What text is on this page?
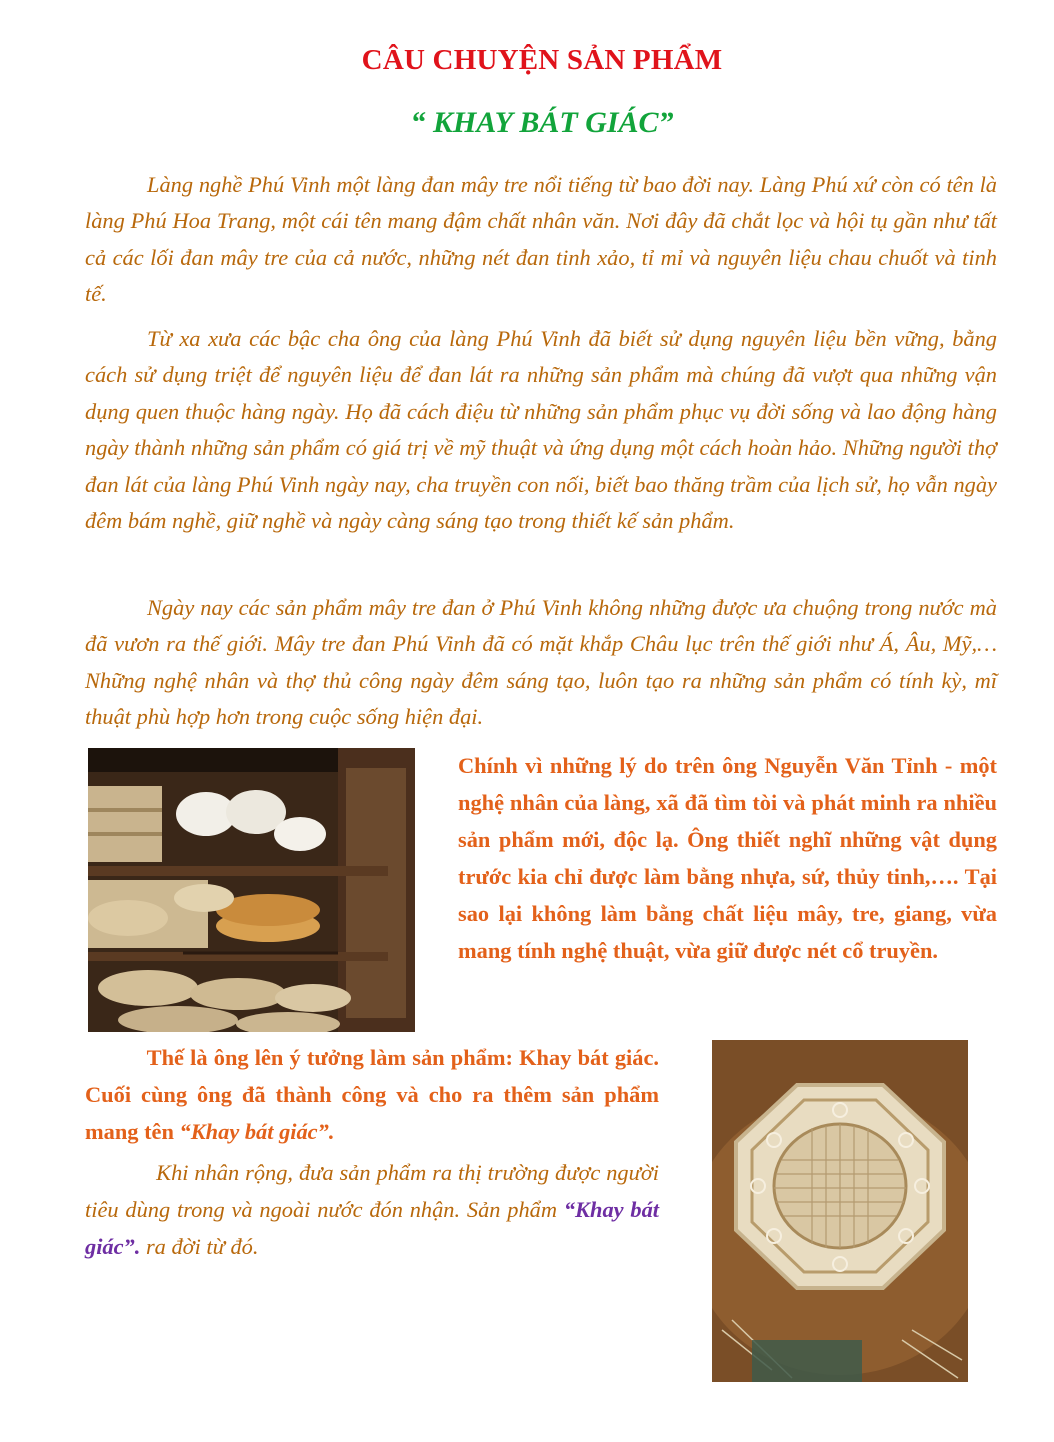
CÂU CHUYỆN SẢN PHẨM
“ KHAY BÁT GIÁC”

Làng nghề Phú Vinh một làng đan mây tre nổi tiếng từ bao đời nay. Làng Phú xứ còn có tên là làng Phú Hoa Trang, một cái tên mang đậm chất nhân văn. Nơi đây đã chắt lọc và hội tụ gần như tất cả các lối đan mây tre của cả nước, những nét đan tinh xảo, tỉ mỉ và nguyên liệu chau chuốt và tinh tế.

Từ xa xưa các bậc cha ông của làng Phú Vinh đã biết sử dụng nguyên liệu bền vững, bằng cách sử dụng triệt để nguyên liệu để đan lát ra những sản phẩm mà chúng đã vượt qua những vận dụng quen thuộc hàng ngày. Họ đã cách điệu từ những sản phẩm phục vụ đời sống và lao động hàng ngày thành những sản phẩm có giá trị về mỹ thuật và ứng dụng một cách hoàn hảo. Những người thợ đan lát của làng Phú Vinh ngày nay, cha truyền con nối, biết bao thăng trầm của lịch sử, họ vẫn ngày đêm bám nghề, giữ nghề và ngày càng sáng tạo trong thiết kế sản phẩm.

Ngày nay các sản phẩm mây tre đan ở Phú Vinh không những được ưa chuộng trong nước mà đã vươn ra thế giới. Mây tre đan Phú Vinh đã có mặt khắp Châu lục trên thế giới như Á, Âu, Mỹ,… Những nghệ nhân và thợ thủ công ngày đêm sáng tạo, luôn tạo ra những sản phẩm có tính kỳ, mĩ thuật phù hợp hơn trong cuộc sống hiện đại.

Chính vì những lý do trên ông Nguyễn Văn Tỉnh - một nghệ nhân của làng, xã đã tìm tòi và phát minh ra nhiều sản phẩm mới, độc lạ. Ông thiết nghĩ những vật dụng trước kia chỉ được làm bằng nhựa, sứ, thủy tinh,…. Tại sao lại không làm bằng chất liệu mây, tre, giang, vừa mang tính nghệ thuật, vừa giữ được nét cổ truyền.

Thế là ông lên ý tưởng làm sản phẩm: Khay bát giác. Cuối cùng ông đã thành công và cho ra thêm sản phẩm mang tên “Khay bát giác”.

Khi nhân rộng, đưa sản phẩm ra thị trường được người tiêu dùng trong và ngoài nước đón nhận. Sản phẩm “Khay bát giác”. ra đời từ đó.
